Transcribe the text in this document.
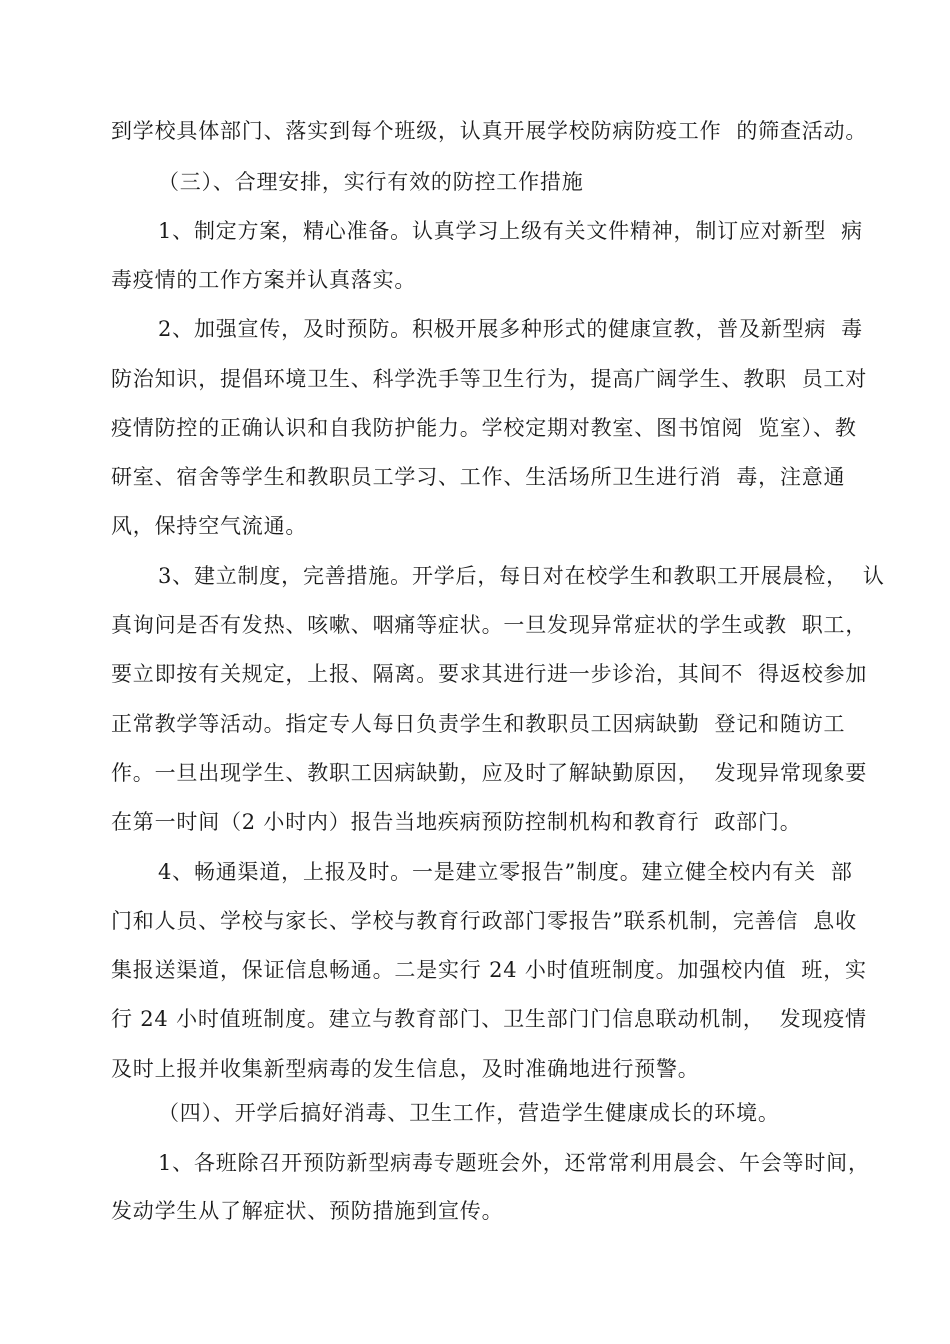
到学校具体部门、落实到每个班级，认真开展学校防病防疫工作  的筛查活动。
（三）、合理安排，实行有效的防控工作措施
1、制定方案，精心准备。认真学习上级有关文件精神，制订应对新型  病
毒疫情的工作方案并认真落实。
2、加强宣传，及时预防。积极开展多种形式的健康宣教，普及新型病  毒
防治知识，提倡环境卫生、科学洗手等卫生行为，提高广阔学生、教职  员工对
疫情防控的正确认识和自我防护能力。学校定期对教室、图书馆阅  览室）、教
研室、宿舍等学生和教职员工学习、工作、生活场所卫生进行消  毒，注意通
风，保持空气流通。
3、建立制度，完善措施。开学后，每日对在校学生和教职工开展晨检，  认
真询问是否有发热、咳嗽、咽痛等症状。一旦发现异常症状的学生或教  职工，
要立即按有关规定，上报、隔离。要求其进行进一步诊治，其间不  得返校参加
正常教学等活动。指定专人每日负责学生和教职员工因病缺勤  登记和随访工
作。一旦出现学生、教职工因病缺勤，应及时了解缺勤原因，  发现异常现象要
在第一时间（2 小时内）报告当地疾病预防控制机构和教育行  政部门。
4、畅通渠道，上报及时。一是建立零报告”制度。建立健全校内有关  部
门和人员、学校与家长、学校与教育行政部门零报告”联系机制，完善信  息收
集报送渠道，保证信息畅通。二是实行 24 小时值班制度。加强校内值  班，实
行 24 小时值班制度。建立与教育部门、卫生部门门信息联动机制，  发现疫情
及时上报并收集新型病毒的发生信息，及时准确地进行预警。
（四）、开学后搞好消毒、卫生工作，营造学生健康成长的环境。
1、各班除召开预防新型病毒专题班会外，还常常利用晨会、午会等时间，
发动学生从了解症状、预防措施到宣传。
